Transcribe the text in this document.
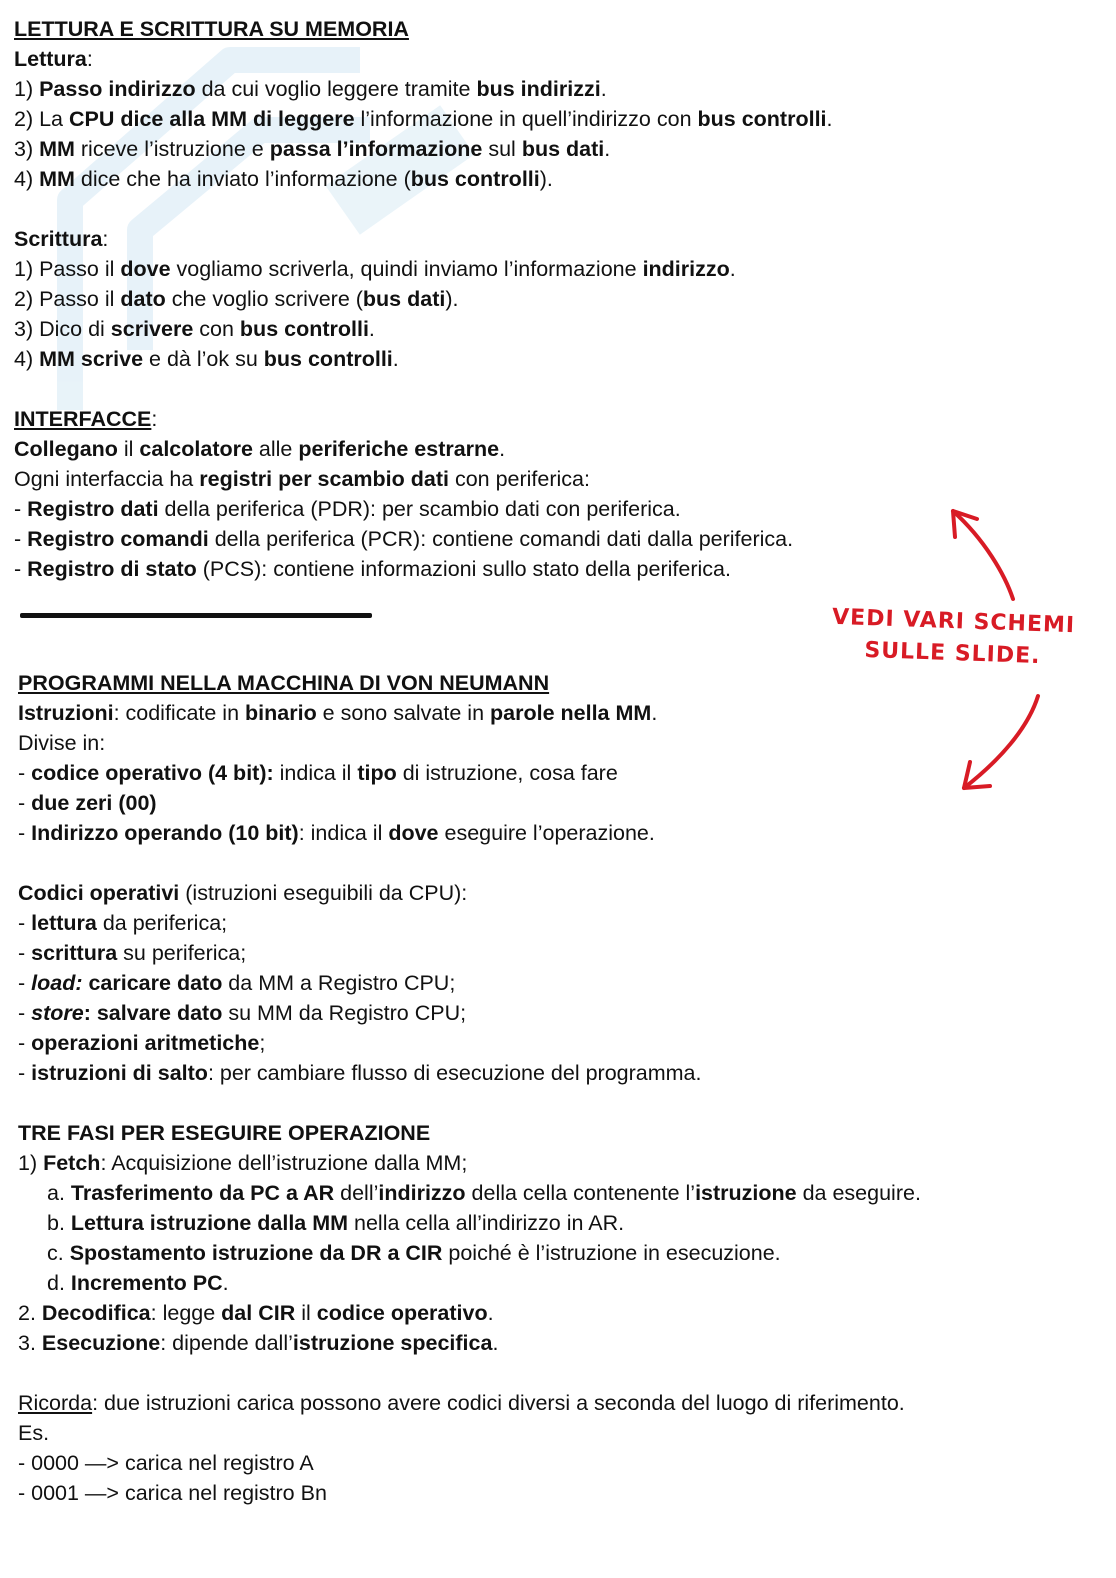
LETTURA E SCRITTURA SU MEMORIA
Lettura:
1) Passo indirizzo da cui voglio leggere tramite bus indirizzi.
2) La CPU dice alla MM di leggere l’informazione in quell’indirizzo con bus controlli.
3) MM riceve l’istruzione e passa l’informazione sul bus dati.
4) MM dice che ha inviato l’informazione (bus controlli).
Scrittura:
1) Passo il dove vogliamo scriverla, quindi inviamo l’informazione indirizzo.
2) Passo il dato che voglio scrivere (bus dati).
3) Dico di scrivere con bus controlli.
4) MM scrive e dà l’ok su bus controlli.
INTERFACCE:
Collegano il calcolatore alle periferiche estrarne.
Ogni interfaccia ha registri per scambio dati con periferica:
- Registro dati della periferica (PDR): per scambio dati con periferica.
- Registro comandi della periferica (PCR): contiene comandi dati dalla periferica.
- Registro di stato (PCS): contiene informazioni sullo stato della periferica.
VEDI VARI SCHEMI
SULLE SLIDE.
PROGRAMMI NELLA MACCHINA DI VON NEUMANN
Istruzioni: codificate in binario e sono salvate in parole nella MM.
Divise in:
- codice operativo (4 bit): indica il tipo di istruzione, cosa fare
- due zeri (00)
- Indirizzo operando (10 bit): indica il dove eseguire l’operazione.
Codici operativi (istruzioni eseguibili da CPU):
- lettura da periferica;
- scrittura su periferica;
- load: caricare dato da MM a Registro CPU;
- store: salvare dato su MM da Registro CPU;
- operazioni aritmetiche;
- istruzioni di salto: per cambiare flusso di esecuzione del programma.
TRE FASI PER ESEGUIRE OPERAZIONE
1) Fetch: Acquisizione dell’istruzione dalla MM;
a. Trasferimento da PC a AR dell’indirizzo della cella contenente l’istruzione da eseguire.
b. Lettura istruzione dalla MM nella cella all’indirizzo in AR.
c. Spostamento istruzione da DR a CIR poiché è l’istruzione in esecuzione.
d. Incremento PC.
2. Decodifica: legge dal CIR il codice operativo.
3. Esecuzione: dipende dall’istruzione specifica.
Ricorda: due istruzioni carica possono avere codici diversi a seconda del luogo di riferimento.
Es.
- 0000 —> carica nel registro A
- 0001 —> carica nel registro Bn
